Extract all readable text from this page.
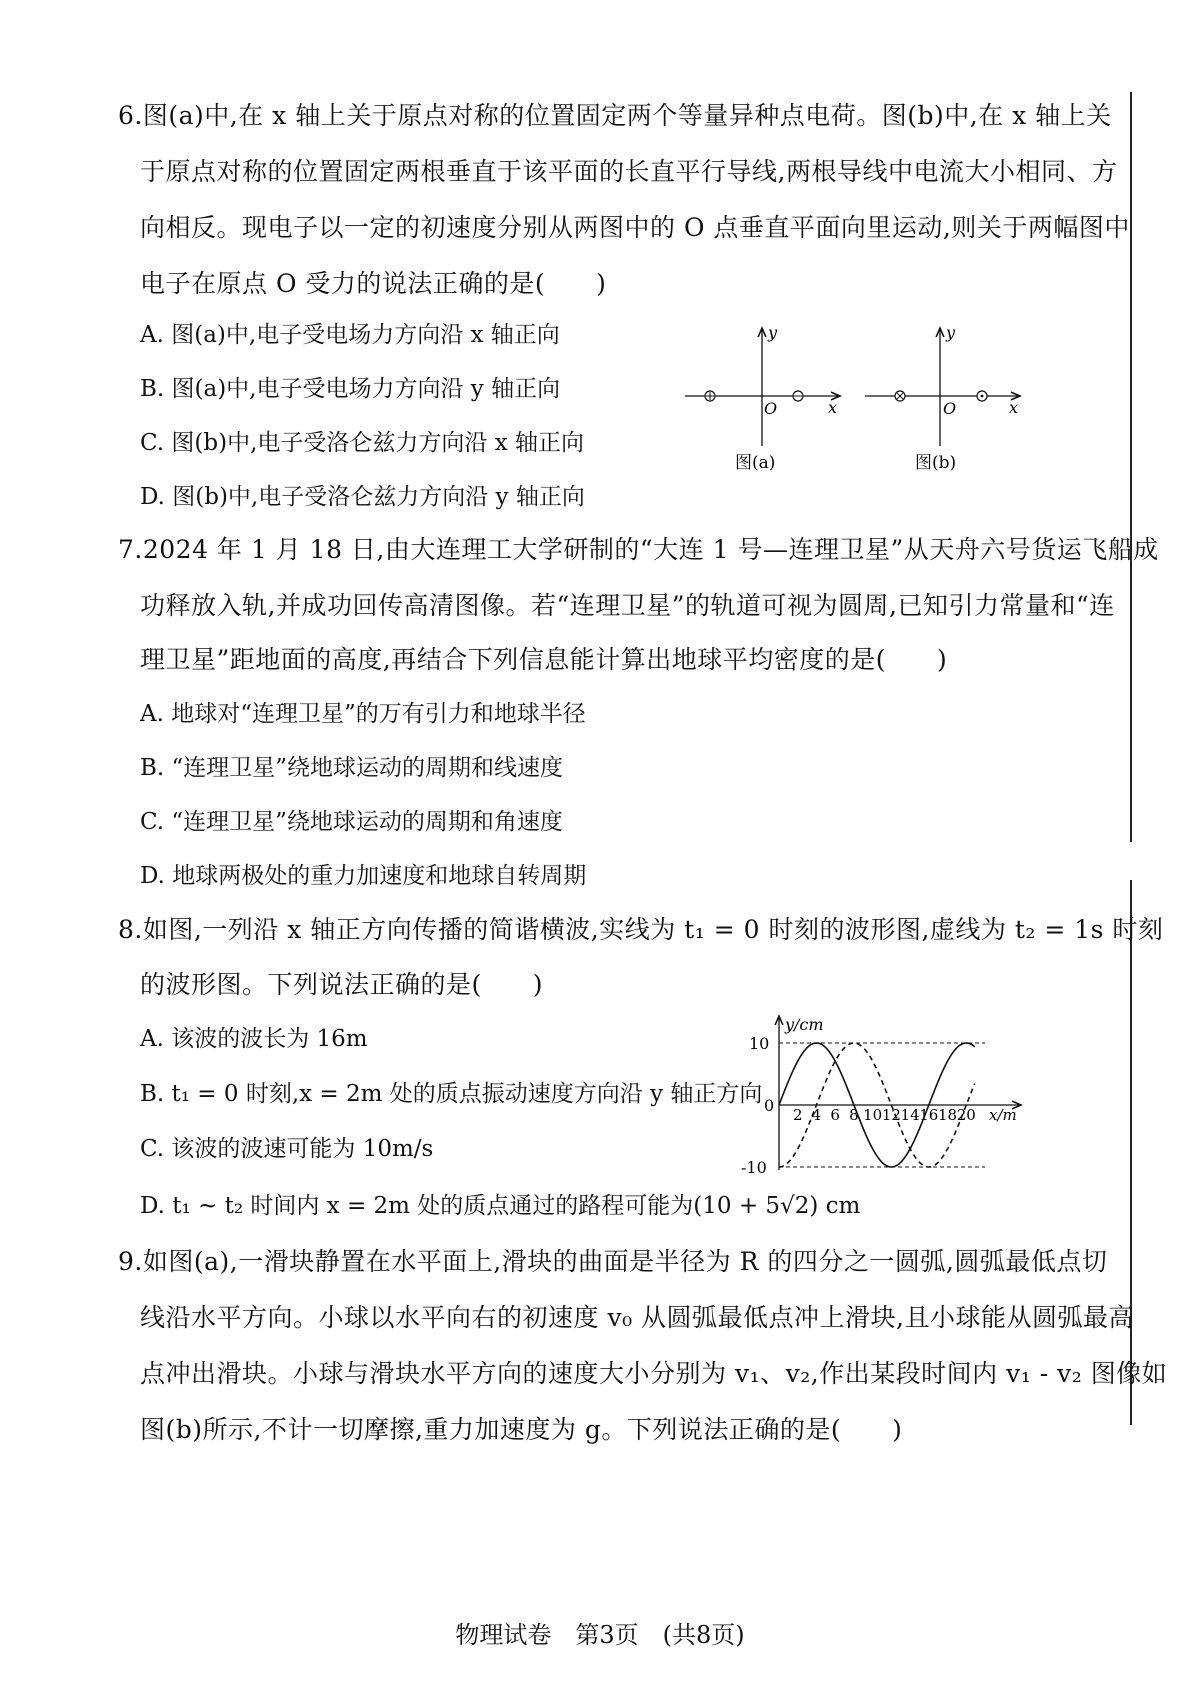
6.图(a)中,在 x 轴上关于原点对称的位置固定两个等量异种点电荷。图(b)中,在 x 轴上关
于原点对称的位置固定两根垂直于该平面的长直平行导线,两根导线中电流大小相同、方
向相反。现电子以一定的初速度分别从两图中的 O 点垂直平面向里运动,则关于两幅图中
电子在原点 O 受力的说法正确的是(　　)
A. 图(a)中,电子受电场力方向沿 x 轴正向
B. 图(a)中,电子受电场力方向沿 y 轴正向
C. 图(b)中,电子受洛仑兹力方向沿 x 轴正向
D. 图(b)中,电子受洛仑兹力方向沿 y 轴正向
y
x
O
图(a)
y
x
O
图(b)
7.2024 年 1 月 18 日,由大连理工大学研制的“大连 1 号—连理卫星”从天舟六号货运飞船成
功释放入轨,并成功回传高清图像。若“连理卫星”的轨道可视为圆周,已知引力常量和“连
理卫星”距地面的高度,再结合下列信息能计算出地球平均密度的是(　　)
A. 地球对“连理卫星”的万有引力和地球半径
B. “连理卫星”绕地球运动的周期和线速度
C. “连理卫星”绕地球运动的周期和角速度
D. 地球两极处的重力加速度和地球自转周期
8.如图,一列沿 x 轴正方向传播的简谐横波,实线为 t₁ = 0 时刻的波形图,虚线为 t₂ = 1s 时刻
的波形图。下列说法正确的是(　　)
A. 该波的波长为 16m
B. t₁ = 0 时刻,x = 2m 处的质点振动速度方向沿 y 轴正方向
C. 该波的波速可能为 10m/s
D. t₁ ~ t₂ 时间内 x = 2m 处的质点通过的路程可能为(10 + 5√2) cm
y/cm
x/m
0
10
-10
2 4 6 8 10 12 14 16 18 20
9.如图(a),一滑块静置在水平面上,滑块的曲面是半径为 R 的四分之一圆弧,圆弧最低点切
线沿水平方向。小球以水平向右的初速度 v₀ 从圆弧最低点冲上滑块,且小球能从圆弧最高
点冲出滑块。小球与滑块水平方向的速度大小分别为 v₁、v₂,作出某段时间内 v₁ - v₂ 图像如
图(b)所示,不计一切摩擦,重力加速度为 g。下列说法正确的是(　　)
物理试卷　第3页　(共8页)
